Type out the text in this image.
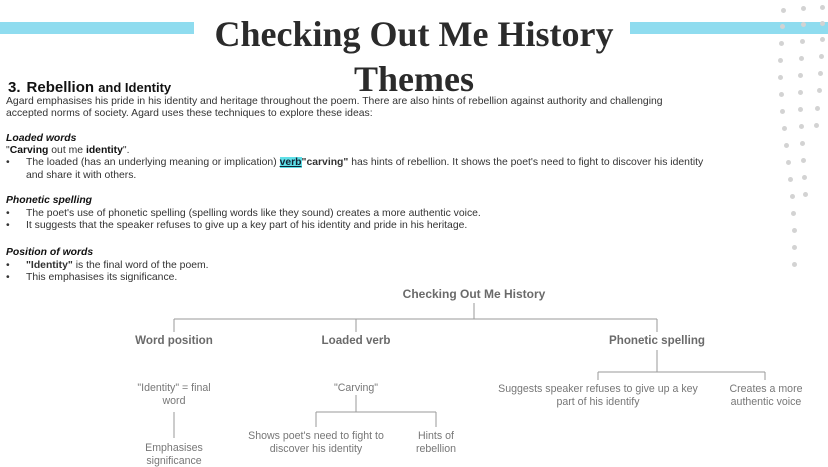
Checking Out Me History Themes
3. Rebellion and Identity
Agard emphasises his pride in his identity and heritage throughout the poem. There are also hints of rebellion against authority and challenging
accepted norms of society. Agard uses these techniques to explore these ideas:
Loaded words
"Carving out me identity".
• The loaded (has an underlying meaning or implication) verb"carving" has hints of rebellion. It shows the poet's need to fight to discover his identity
and share it with others.
Phonetic spelling
• The poet's use of phonetic spelling (spelling words like they sound) creates a more authentic voice.
• It suggests that the speaker refuses to give up a key part of his identity and pride in his heritage.
Position of words
• "Identity" is the final word of the poem.
• This emphasises its significance.
Checking Out Me History
Word position	Loaded verb	Phonetic spelling
"Identity" = final
word
Emphasises
significance
"Carving"
Shows poet's need to fight to
discover his identity
Hints of
rebellion
Suggests speaker refuses to give up a key
part of his identify
Creates a more
authentic voice
